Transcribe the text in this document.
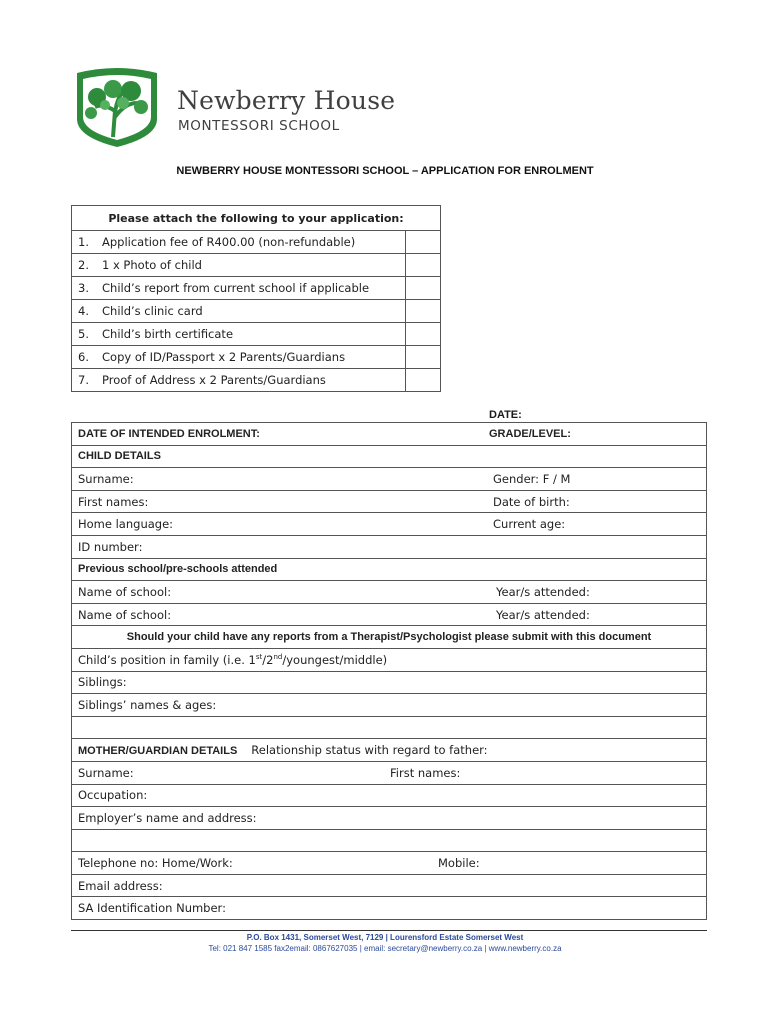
Newberry House
MONTESSORI SCHOOL
NEWBERRY HOUSE MONTESSORI SCHOOL – APPLICATION FOR ENROLMENT
Please attach the following to your application:	
1. Application fee of R400.00 (non-refundable)	
2. 1 x Photo of child	
3. Child’s report from current school if applicable	
4. Child’s clinic card	
5. Child’s birth certificate	
6. Copy of ID/Passport x 2 Parents/Guardians	
7. Proof of Address x 2 Parents/Guardians	
DATE:
DATE OF INTENDED ENROLMENT:	GRADE/LEVEL:

CHILD DETAILS
Surname:	Gender: F / M

First names:	Date of birth:

Home language:	Current age:

ID number:
Previous school/pre-schools attended
Name of school:	Year/s attended:

Name of school:	Year/s attended:

Should your child have any reports from a Therapist/Psychologist please submit with this document
Child’s position in family (i.e. 1st/2nd/youngest/middle)
Siblings:
Siblings’ names & ages:

MOTHER/GUARDIAN DETAILS Relationship status with regard to father:
Surname:	First names:

Occupation:
Employer’s name and address:

Telephone no: Home/Work:	Mobile:

Email address:
SA Identification Number:
P.O. Box 1431, Somerset West, 7129 | Lourensford Estate Somerset West
Tel: 021 847 1585 fax2email: 0867627035 | email: secretary@newberry.co.za | www.newberry.co.za
